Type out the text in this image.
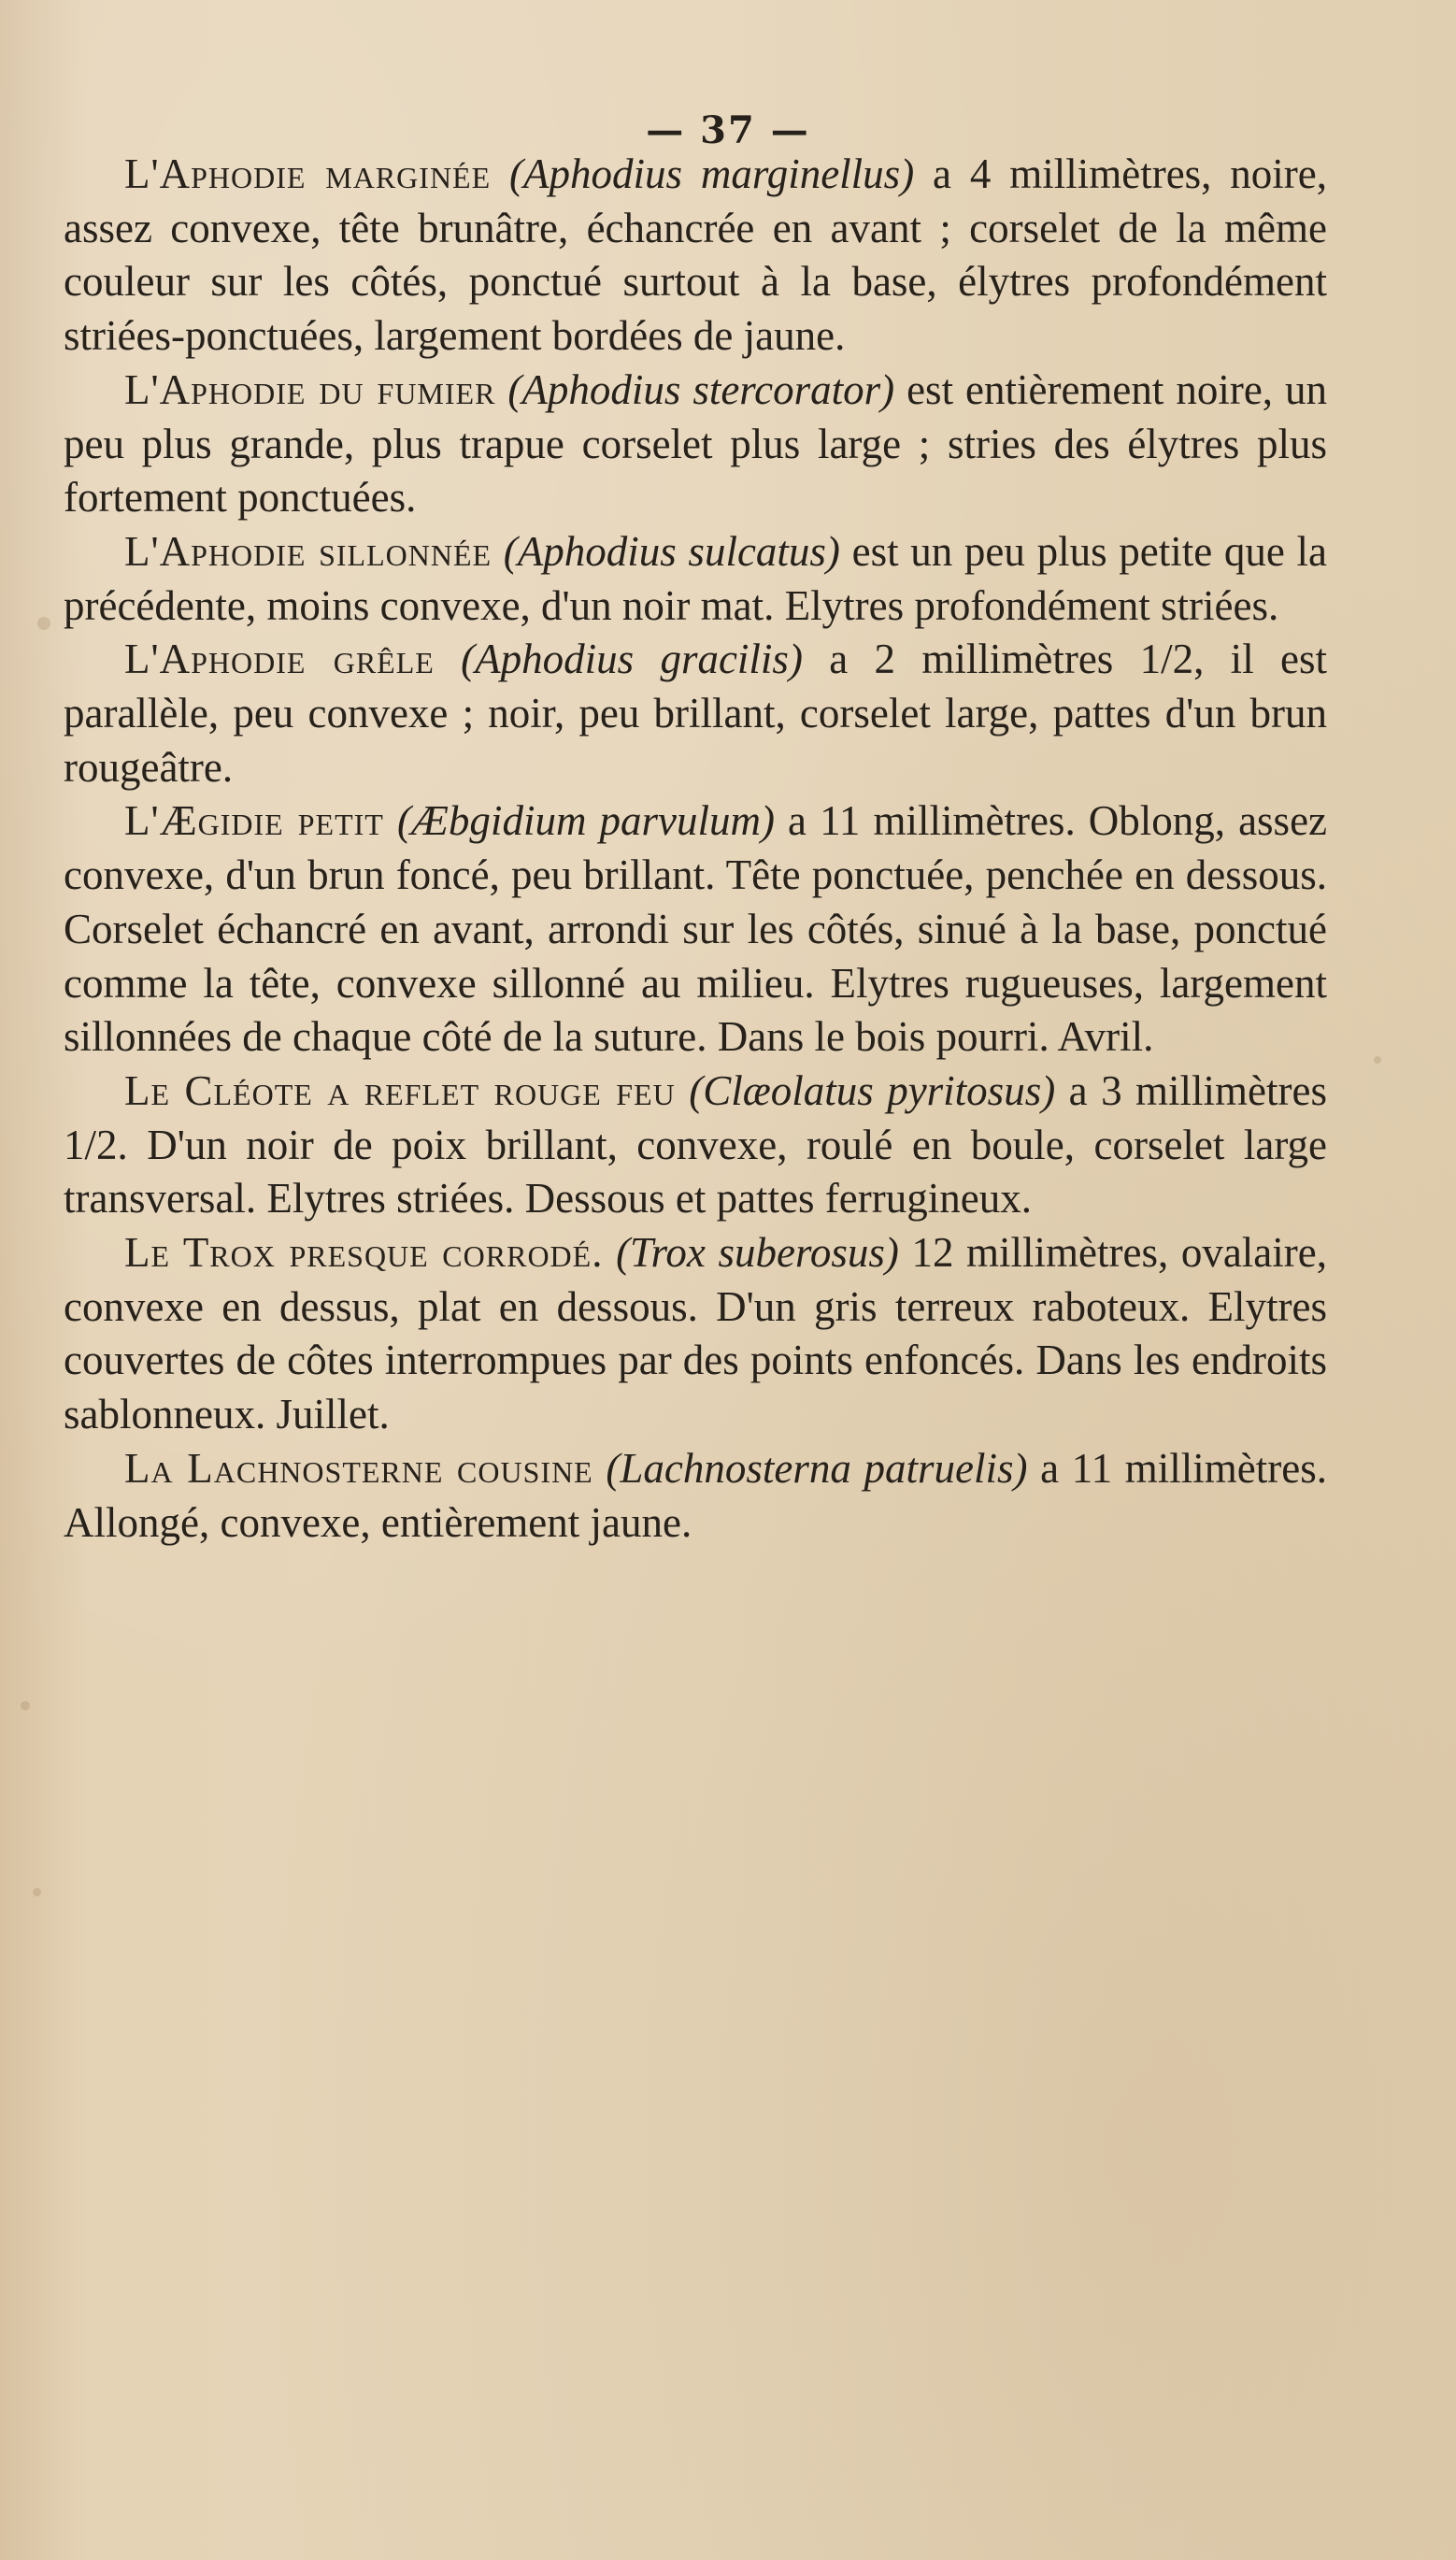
— 37 —

L'Aphodie marginée (Aphodius marginellus) a 4 millimètres, noire, assez convexe, tête brunâtre, échancrée en avant ; corselet de la même couleur sur les côtés, ponctué surtout à la base, élytres profondément striées-ponctuées, largement bordées de jaune.

L'Aphodie du fumier (Aphodius stercorator) est entièrement noire, un peu plus grande, plus trapue corselet plus large ; stries des élytres plus fortement ponctuées.

L'Aphodie sillonnée (Aphodius sulcatus) est un peu plus petite que la précédente, moins convexe, d'un noir mat. Elytres profondément striées.

L'Aphodie grêle (Aphodius gracilis) a 2 millimètres 1/2, il est parallèle, peu convexe ; noir, peu brillant, corselet large, pattes d'un brun rougeâtre.

L'Ægidie petit (Æbgidium parvulum) a 11 millimètres. Oblong, assez convexe, d'un brun foncé, peu brillant. Tête ponctuée, penchée en dessous. Corselet échancré en avant, arrondi sur les côtés, sinué à la base, ponctué comme la tête, convexe sillonné au milieu. Elytres rugueuses, largement sillonnées de chaque côté de la suture. Dans le bois pourri. Avril.

Le Cléote a reflet rouge feu (Clæolatus pyritosus) a 3 millimètres 1/2. D'un noir de poix brillant, convexe, roulé en boule, corselet large transversal. Elytres striées. Dessous et pattes ferrugineux.

Le Trox presque corrodé. (Trox suberosus) 12 millimètres, ovalaire, convexe en dessus, plat en dessous. D'un gris terreux raboteux. Elytres couvertes de côtes interrompues par des points enfoncés. Dans les endroits sablonneux. Juillet.

La Lachnosterne cousine (Lachnosterna patruelis) a 11 millimètres. Allongé, convexe, entièrement jaune.
